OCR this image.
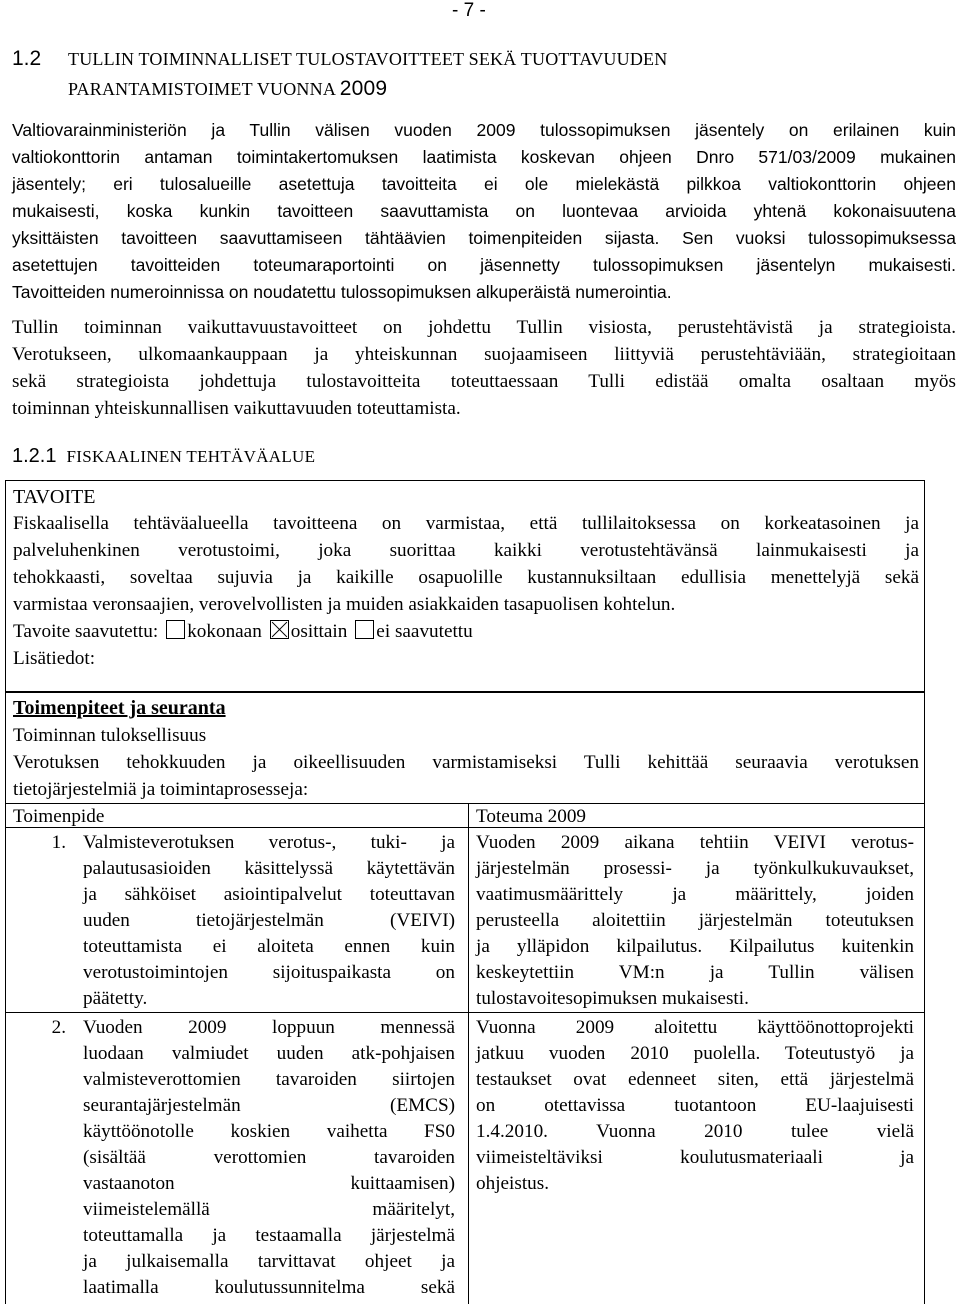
- 7 -
1.2 TULLIN TOIMINNALLISET TULOSTAVOITTEET SEKÄ TUOTTAVUUDEN
PARANTAMISTOIMET VUONNA 2009
Valtiovarainministeriön ja Tullin välisen vuoden 2009 tulossopimuksen jäsentely on erilainen kuin
valtiokonttorin antaman toimintakertomuksen laatimista koskevan ohjeen Dnro 571/03/2009 mukainen
jäsentely; eri tulosalueille asetettuja tavoitteita ei ole mielekästä pilkkoa valtiokonttorin ohjeen
mukaisesti, koska kunkin tavoitteen saavuttamista on luontevaa arvioida yhtenä kokonaisuutena
yksittäisten tavoitteen saavuttamiseen tähtäävien toimenpiteiden sijasta. Sen vuoksi tulossopimuksessa
asetettujen tavoitteiden toteumaraportointi on jäsennetty tulossopimuksen jäsentelyn mukaisesti.
Tavoitteiden numeroinnissa on noudatettu tulossopimuksen alkuperäistä numerointia.
Tullin toiminnan vaikuttavuustavoitteet on johdettu Tullin visiosta, perustehtävistä ja strategioista.
Verotukseen, ulkomaankauppaan ja yhteiskunnan suojaamiseen liittyviä perustehtäviään, strategioitaan
sekä strategioista johdettuja tulostavoitteita toteuttaessaan Tulli edistää omalta osaltaan myös
toiminnan yhteiskunnallisen vaikuttavuuden toteuttamista.
1.2.1 FISKAALINEN TEHTÄVÄALUE
TAVOITE
Fiskaalisella tehtäväalueella tavoitteena on varmistaa, että tullilaitoksessa on korkeatasoinen ja
palveluhenkinen verotustoimi, joka suorittaa kaikki verotustehtävänsä lainmukaisesti ja
tehokkaasti, soveltaa sujuvia ja kaikille osapuolille kustannuksiltaan edullisia menettelyjä sekä
varmistaa veronsaajien, verovelvollisten ja muiden asiakkaiden tasapuolisen kohtelun.
Tavoite saavutettu: kokonaan osittain ei saavutettu
Lisätiedot:
Toimenpiteet ja seuranta
Toiminnan tuloksellisuus
Verotuksen tehokkuuden ja oikeellisuuden varmistamiseksi Tulli kehittää seuraavia verotuksen
tietojärjestelmiä ja toimintaprosesseja:
Toimenpide	Toteuma 2009
1. Valmisteverotuksen verotus-, tuki- ja
palautusasioiden käsittelyssä käytettävän
ja sähköiset asiointipalvelut toteuttavan
uuden tietojärjestelmän (VEIVI)
toteuttamista ei aloiteta ennen kuin
verotustoimintojen sijoituspaikasta on
päätetty.
Vuoden 2009 aikana tehtiin VEIVI verotus-
järjestelmän prosessi- ja työnkulkukuvaukset,
vaatimusmäärittely ja määrittely, joiden
perusteella aloitettiin järjestelmän toteutuksen
ja ylläpidon kilpailutus. Kilpailutus kuitenkin
keskeytettiin VM:n ja Tullin välisen
tulostavoitesopimuksen mukaisesti.
2. Vuoden 2009 loppuun mennessä
luodaan valmiudet uuden atk-pohjaisen
valmisteverottomien tavaroiden siirtojen
seurantajärjestelmän (EMCS)
käyttöönotolle koskien vaihetta FS0
(sisältää verottomien tavaroiden
vastaanoton kuittaamisen)
viimeistelemällä määritelyt,
toteuttamalla ja testaamalla järjestelmä
ja julkaisemalla tarvittavat ohjeet ja
laatimalla koulutussunnitelma sekä
Vuonna 2009 aloitettu käyttöönottoprojekti
jatkuu vuoden 2010 puolella. Toteutustyö ja
testaukset ovat edenneet siten, että järjestelmä
on otettavissa tuotantoon EU-laajuisesti
1.4.2010. Vuonna 2010 tulee vielä
viimeisteltäviksi koulutusmateriaali ja
ohjeistus.
